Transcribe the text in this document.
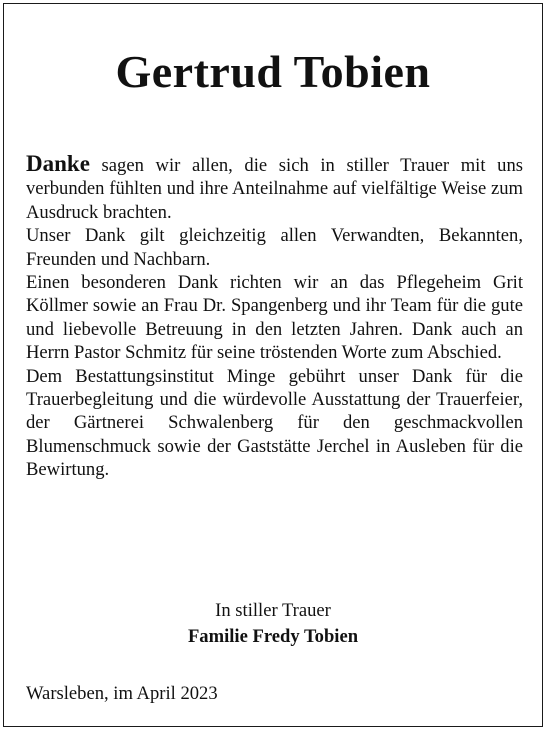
Gertrud Tobien

Danke sagen wir allen, die sich in stiller Trauer mit uns verbunden fühlten und ihre Anteilnahme auf vielfältige Weise zum Ausdruck brachten.

Unser Dank gilt gleichzeitig allen Verwandten, Bekannten, Freunden und Nachbarn.

Einen besonderen Dank richten wir an das Pflegeheim Grit Köllmer sowie an Frau Dr. Spangenberg und ihr Team für die gute und liebevolle Betreuung in den letzten Jahren. Dank auch an Herrn Pastor Schmitz für seine tröstenden Worte zum Abschied.

Dem Bestattungsinstitut Minge gebührt unser Dank für die Trauerbegleitung und die würdevolle Ausstattung der Trauerfeier, der Gärtnerei Schwalenberg für den geschmackvollen Blumenschmuck sowie der Gaststätte Jerchel in Ausleben für die Bewirtung.

In stiller Trauer
Familie Fredy Tobien
Warsleben, im April 2023
